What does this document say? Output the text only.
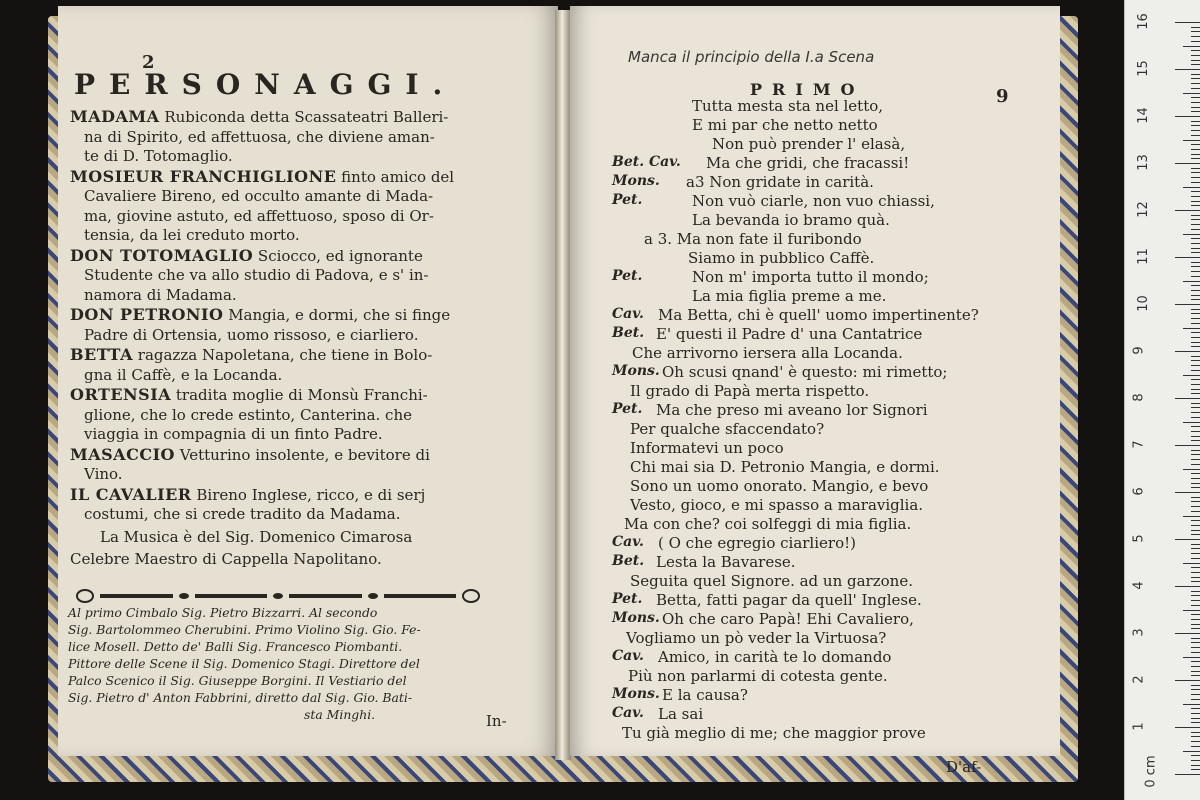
2
PERSONAGGI.

MADAMA Rubiconda detta Scassateatri Balleri-
na di Spirito, ed affettuosa, che diviene aman-
te di D. Totomaglio.

MOSIEUR FRANCHIGLIONE finto amico del
Cavaliere Bireno, ed occulto amante di Mada-
ma, giovine astuto, ed affettuoso, sposo di Or-
tensia, da lei creduto morto.

DON TOTOMAGLIO Sciocco, ed ignorante
Studente che va allo studio di Padova, e s' in-
namora di Madama.

DON PETRONIO Mangia, e dormi, che si finge
Padre di Ortensia, uomo rissoso, e ciarliero.

BETTA ragazza Napoletana, che tiene in Bolo-
gna il Caffè, e la Locanda.

ORTENSIA tradita moglie di Monsù Franchi-
glione, che lo crede estinto, Canterina. che
viaggia in compagnia di un finto Padre.

MASACCIO Vetturino insolente, e bevitore di
Vino.

IL CAVALIER Bireno Inglese, ricco, e di serj
costumi, che si crede tradito da Madama.

La Musica è del Sig. Domenico Cimarosa
Celebre Maestro di Cappella Napolitano.
Al primo Cimbalo Sig. Pietro Bizzarri. Al secondo
Sig. Bartolommeo Cherubini. Primo Violino Sig. Gio. Fe-
lice Mosell. Detto de' Balli Sig. Francesco Piombanti.
Pittore delle Scene il Sig. Domenico Stagi. Direttore del
Palco Scenico il Sig. Giuseppe Borgini. Il Vestiario del
Sig. Pietro d' Anton Fabbrini, diretto dal Sig. Gio. Bati-
sta Minghi.	In-
Manca il principio della I.a Scena
PRIMO	9
Tutta mesta sta nel letto,
E mi par che netto netto
Non può prender l' elasà,
Bet. Cav. Ma che gridi, che fracassi!
Mons. a3 Non gridate in carità.
Pet.	Non vuò ciarle, non vuo chiassi,
La bevanda io bramo quà.
a 3. Ma non fate il furibondo
Siamo in pubblico Caffè.
Pet.	Non m' importa tutto il mondo;
La mia figlia preme a me.
Cav. Ma Betta, chi è quell' uomo impertinente?
Bet. E' questi il Padre d' una Cantatrice
Che arrivorno iersera alla Locanda.
Mons. Oh scusi qnand' è questo: mi rimetto;
Il grado di Papà merta rispetto.
Pet. Ma che preso mi aveano lor Signori
Per qualche sfaccendato?
Informatevi un poco
Chi mai sia D. Petronio Mangia, e dormi.
Sono un uomo onorato. Mangio, e bevo
Vesto, gioco, e mi spasso a maraviglia.
Ma con che? coi solfeggi di mia figlia.
Cav. ( O che egregio ciarliero!)
Bet. Lesta la Bavarese.
Seguita quel Signore. ad un garzone.
Pet. Betta, fatti pagar da quell' Inglese.
Mons. Oh che caro Papà! Ehi Cavaliero,
Vogliamo un pò veder la Virtuosa?
Cav. Amico, in carità te lo domando
Più non parlarmi di cotesta gente.
Mons. E la causa?
Cav. La sai
Tu già meglio di me; che maggior prove
D'af-
16
15
14
13
12
11
10
9
8
7
6
5
4
3
2
1
0 cm
